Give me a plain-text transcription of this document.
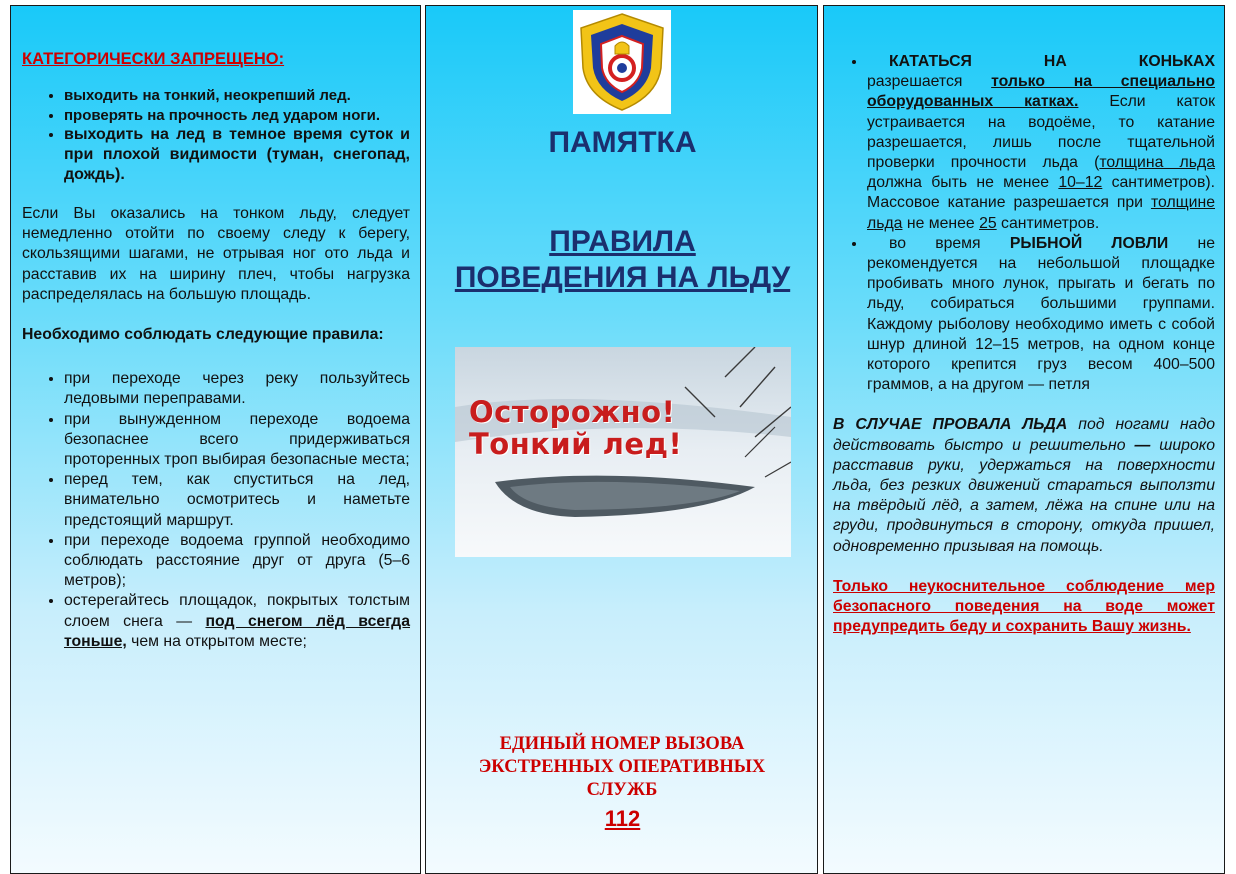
КАТЕГОРИЧЕСКИ ЗАПРЕЩЕНО:
• выходить на тонкий, неокрепший лед.
• проверять на прочность лед ударом ноги.
• выходить на лед в темное время суток и при плохой видимости (туман, снегопад, дождь).
Если Вы оказались на тонком льду, следует немедленно отойти по своему следу к берегу, скользящими шагами, не отрывая ног ото льда и расставив их на ширину плеч, чтобы нагрузка распределялась на большую площадь.
Необходимо соблюдать следующие правила:
• при переходе через реку пользуйтесь ледовыми переправами.
• при вынужденном переходе водоема безопаснее всего придерживаться проторенных троп выбирая безопасные места;
• перед тем, как спуститься на лед, внимательно осмотритесь и наметьте предстоящий маршрут.
• при переходе водоема группой необходимо соблюдать расстояние друг от друга (5–6 метров);
• остерегайтесь площадок, покрытых толстым слоем снега — под снегом лёд всегда тоньше, чем на открытом месте;
ПАМЯТКА
ПРАВИЛА
ПОВЕДЕНИЯ НА ЛЬДУ
Осторожно!
Тонкий лед!
ЕДИНЫЙ НОМЕР ВЫЗОВА ЭКСТРЕННЫХ ОПЕРАТИВНЫХ СЛУЖБ
112
• КАТАТЬСЯ НА КОНЬКАХ разрешается только на специально оборудованных катках. Если каток устраивается на водоёме, то катание разрешается, лишь после тщательной проверки прочности льда (толщина льда должна быть не менее 10–12 сантиметров). Массовое катание разрешается при толщине льда не менее 25 сантиметров.
• во время РЫБНОЙ ЛОВЛИ не рекомендуется на небольшой площадке пробивать много лунок, прыгать и бегать по льду, собираться большими группами. Каждому рыболову необходимо иметь с собой шнур длиной 12–15 метров, на одном конце которого крепится груз весом 400–500 граммов, а на другом — петля
В СЛУЧАЕ ПРОВАЛА ЛЬДА под ногами надо действовать быстро и решительно — широко расставив руки, удержаться на поверхности льда, без резких движений стараться выползти на твёрдый лёд, а затем, лёжа на спине или на груди, продвинуться в сторону, откуда пришел, одновременно призывая на помощь.
Только неукоснительное соблюдение мер безопасного поведения на воде может предупредить беду и сохранить Вашу жизнь.
